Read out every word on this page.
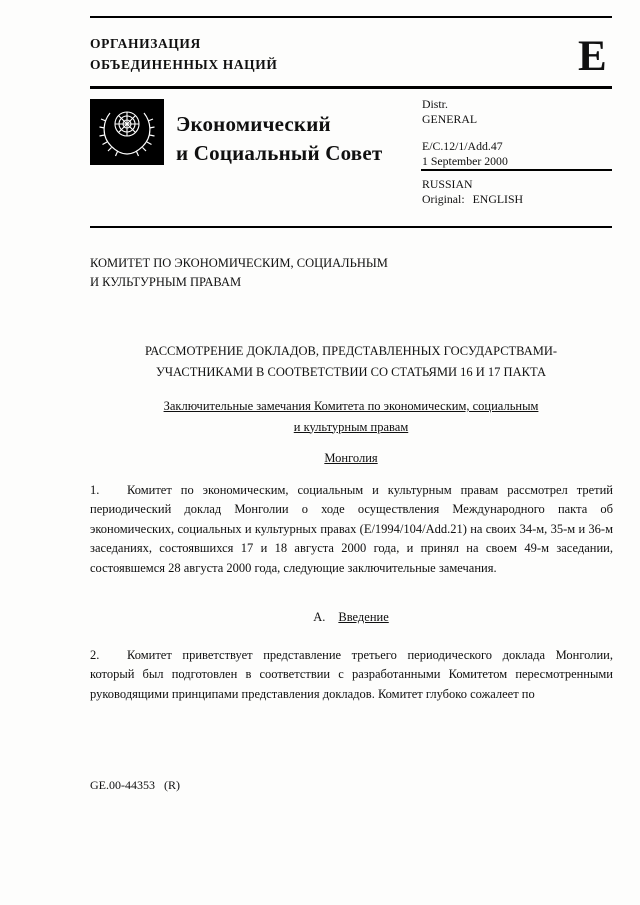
ОРГАНИЗАЦИЯ
ОБЪЕДИНЕННЫХ НАЦИЙ	E
Экономический
и Социальный Совет
Distr.
GENERAL
E/C.12/1/Add.47
1 September 2000
RUSSIAN
Original: ENGLISH
КОМИТЕТ ПО ЭКОНОМИЧЕСКИМ, СОЦИАЛЬНЫМ
И КУЛЬТУРНЫМ ПРАВАМ
РАССМОТРЕНИЕ ДОКЛАДОВ, ПРЕДСТАВЛЕННЫХ ГОСУДАРСТВАМИ-
УЧАСТНИКАМИ В СООТВЕТСТВИИ СО СТАТЬЯМИ 16 И 17 ПАКТА
Заключительные замечания Комитета по экономическим, социальным
и культурным правам
Монголия
1. Комитет по экономическим, социальным и культурным правам рассмотрел третий периодический доклад Монголии о ходе осуществления Международного пакта об экономических, социальных и культурных правах (E/1994/104/Add.21) на своих 34-м, 35-м и 36-м заседаниях, состоявшихся 17 и 18 августа 2000 года, и принял на своем 49-м заседании, состоявшемся 28 августа 2000 года, следующие заключительные замечания.
A. Введение
2. Комитет приветствует представление третьего периодического доклада Монголии, который был подготовлен в соответствии с разработанными Комитетом пересмотренными руководящими принципами представления докладов. Комитет глубоко сожалеет по
GE.00-44353   (R)
